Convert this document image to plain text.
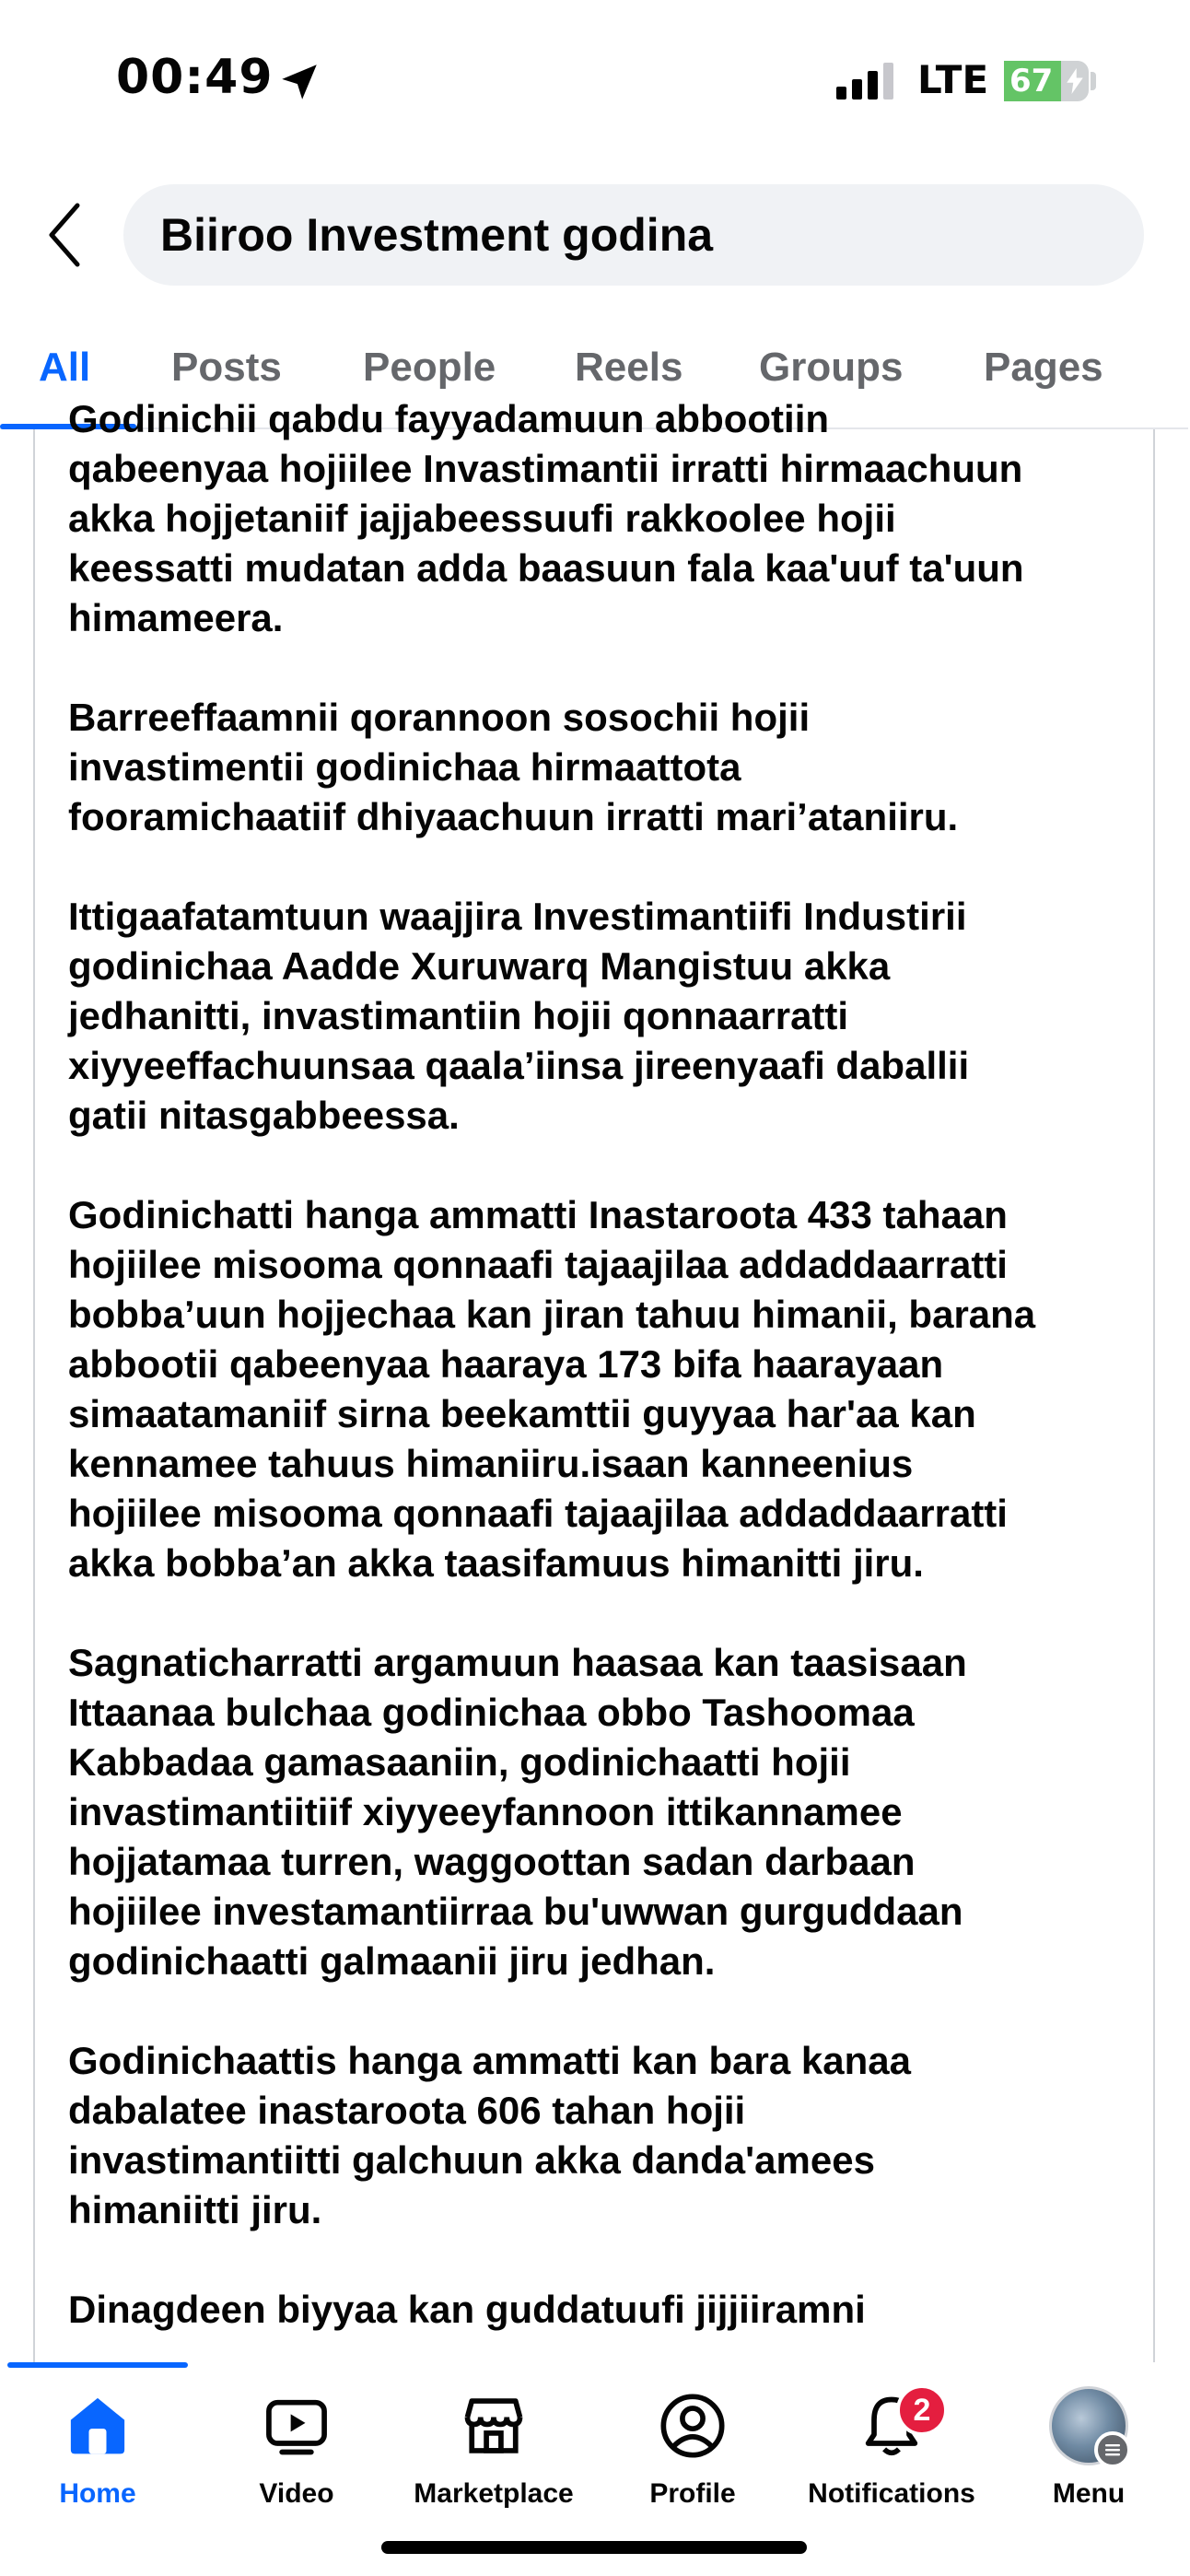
00:49	LTE 67
Biiroo Investment godina
All Posts People Reels Groups Pages

Godinichii qabdu fayyadamuun abbootiin
qabeenyaa hojiilee Invastimantii irratti hirmaachuun
akka hojjetaniif jajjabeessuufi rakkoolee hojii
keessatti mudatan adda baasuun fala kaa'uuf ta'uun
himameera.

Barreeffaamnii qorannoon sosochii hojii
invastimentii godinichaa hirmaattota
fooramichaatiif dhiyaachuun irratti mari’ataniiru.

Ittigaafatamtuun waajjira Investimantiifi Industirii
godinichaa Aadde Xuruwarq Mangistuu akka
jedhanitti, invastimantiin hojii qonnaarratti
xiyyeeffachuunsaa qaala’iinsa jireenyaafi daballii
gatii nitasgabbeessa.

Godinichatti hanga ammatti Inastaroota 433 tahaan
hojiilee misooma qonnaafi tajaajilaa addaddaarratti
bobba’uun hojjechaa kan jiran tahuu himanii, barana
abbootii qabeenyaa haaraya 173 bifa haarayaan
simaatamaniif sirna beekamttii guyyaa har'aa kan
kennamee tahuus himaniiru.isaan kanneenius
hojiilee misooma qonnaafi tajaajilaa addaddaarratti
akka bobba’an akka taasifamuus himanitti jiru.

Sagnaticharratti argamuun haasaa kan taasisaan
Ittaanaa bulchaa godinichaa obbo Tashoomaa
Kabbadaa gamasaaniin, godinichaatti hojii
invastimantiitiif xiyyeeyfannoon ittikannamee
hojjatamaa turren, waggoottan sadan darbaan
hojiilee investamantiirraa bu'uwwan gurguddaan
godinichaatti galmaanii jiru jedhan.

Godinichaattis hanga ammatti kan bara kanaa
dabalatee inastaroota 606 tahan hojii
invastimantiitti galchuun akka danda'amees
himaniitti jiru.

Dinagdeen biyyaa kan guddatuufi jijjiiramni

Home	Video	Marketplace	Profile
2
Notifications	Menu
